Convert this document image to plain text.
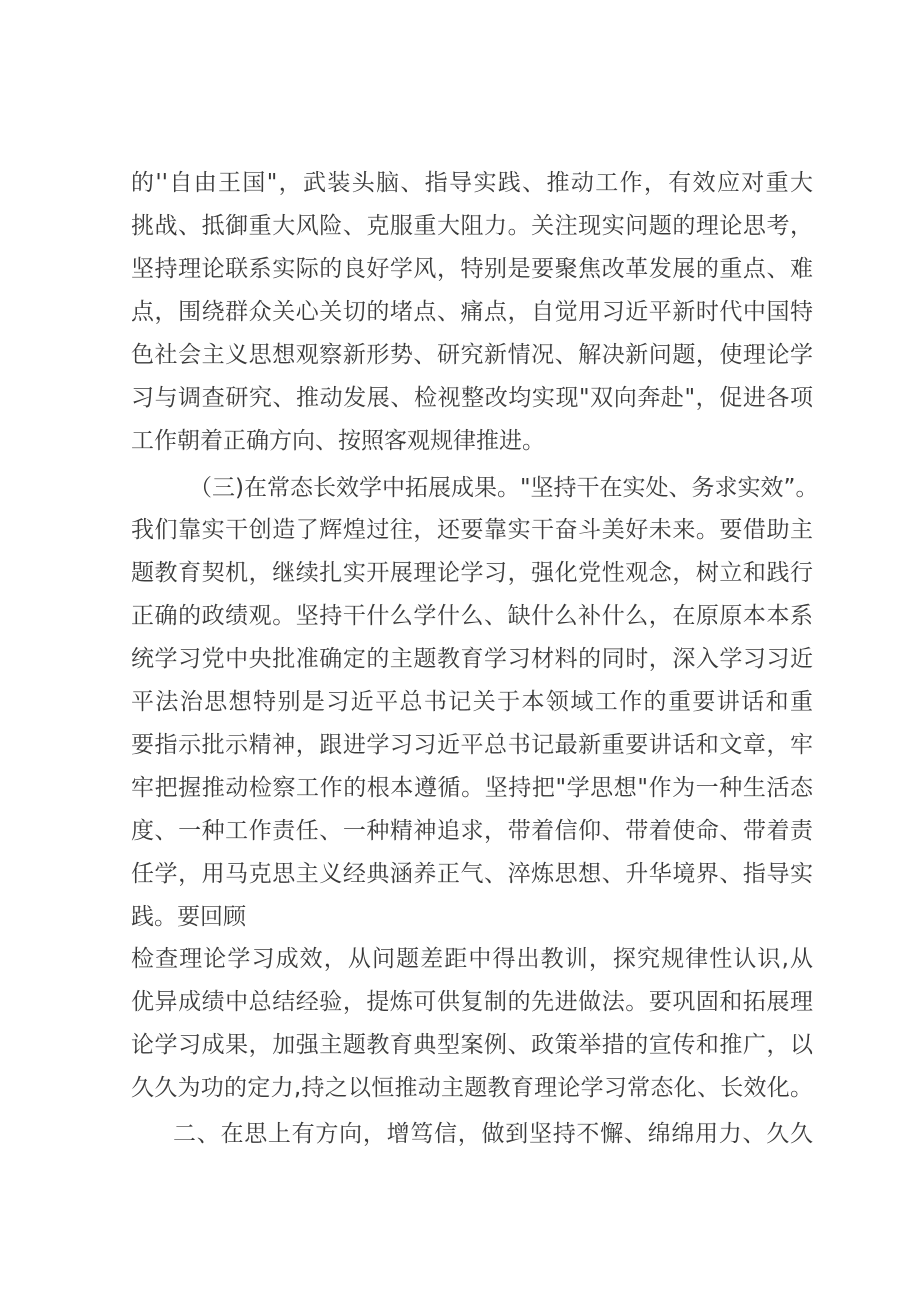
的''自由王国"，武装头脑、指导实践、推动工作，有效应对重大
挑战、抵御重大风险、克服重大阻力。关注现实问题的理论思考，
坚持理论联系实际的良好学风，特别是要聚焦改革发展的重点、难
点，围绕群众关心关切的堵点、痛点，自觉用习近平新时代中国特
色社会主义思想观察新形势、研究新情况、解决新问题，使理论学
习与调查研究、推动发展、检视整改均实现"双向奔赴"，促进各项
工作朝着正确方向、按照客观规律推进。
（三)在常态长效学中拓展成果。"坚持干在实处、务求实效”。
我们靠实干创造了辉煌过往，还要靠实干奋斗美好未来。要借助主
题教育契机，继续扎实开展理论学习，强化党性观念，树立和践行
正确的政绩观。坚持干什么学什么、缺什么补什么，在原原本本系
统学习党中央批准确定的主题教育学习材料的同时，深入学习习近
平法治思想特别是习近平总书记关于本领域工作的重要讲话和重
要指示批示精神，跟进学习习近平总书记最新重要讲话和文章，牢
牢把握推动检察工作的根本遵循。坚持把"学思想"作为一种生活态
度、一种工作责任、一种精神追求，带着信仰、带着使命、带着责
任学，用马克思主义经典涵养正气、淬炼思想、升华境界、指导实
践。要回顾
检查理论学习成效，从问题差距中得出教训，探究规律性认识,从
优异成绩中总结经验，提炼可供复制的先进做法。要巩固和拓展理
论学习成果，加强主题教育典型案例、政策举措的宣传和推广，以
久久为功的定力,持之以恒推动主题教育理论学习常态化、长效化。
二、在思上有方向，增笃信，做到坚持不懈、绵绵用力、久久
